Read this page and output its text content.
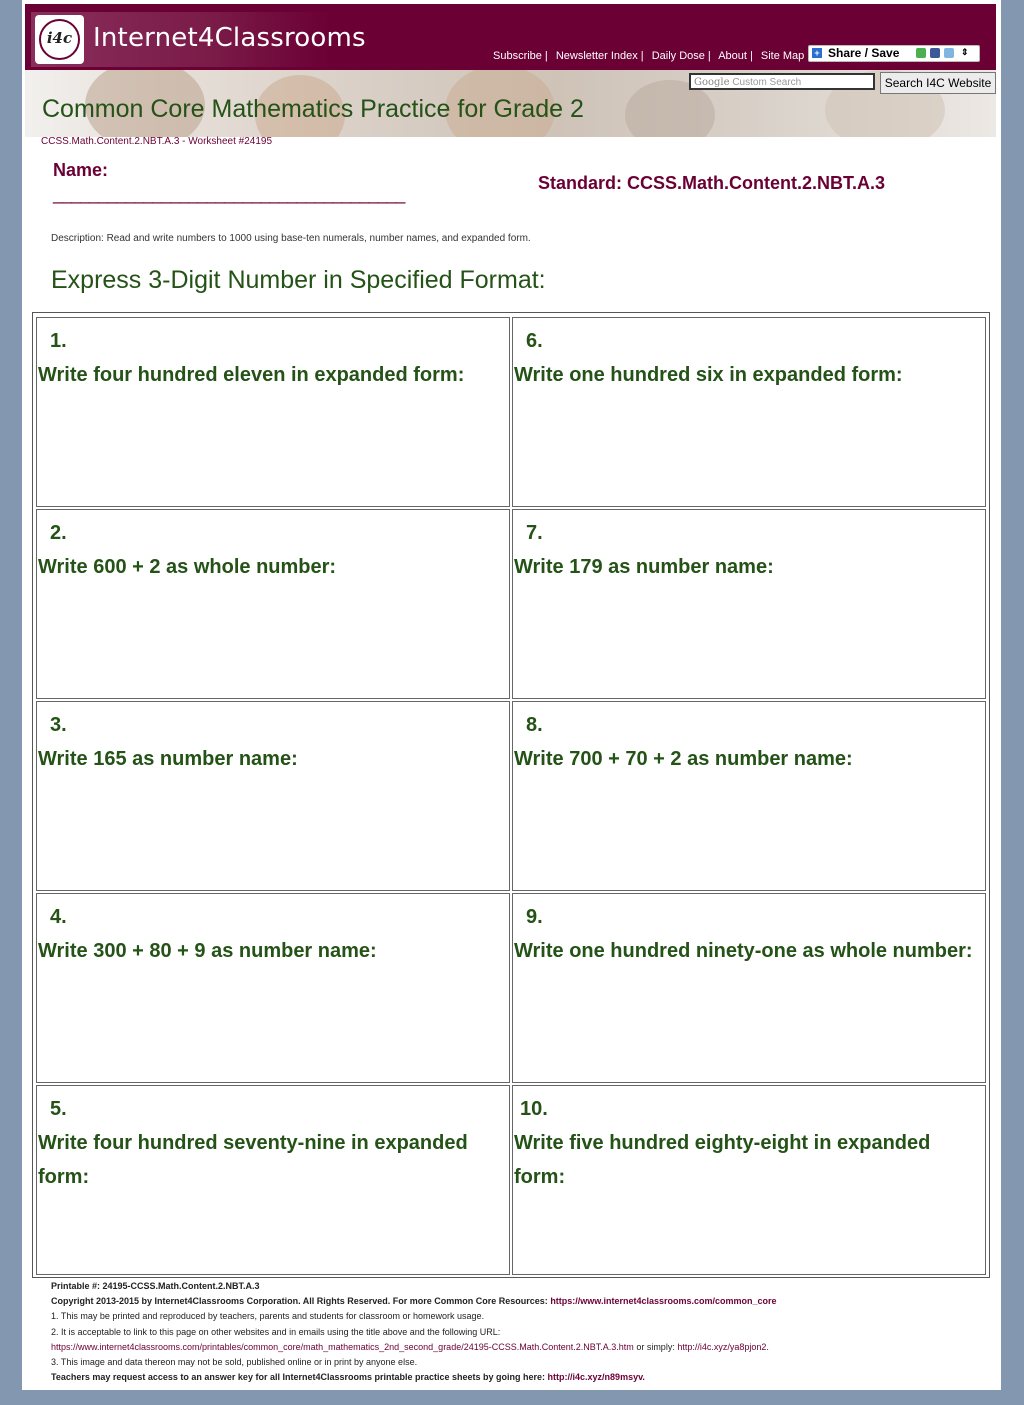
i4c Internet4Classrooms
Subscribe | Newsletter Index | Daily Dose | About | Site Map + Share / Save	⇕
Google Custom Search	Search I4C Website
Common Core Mathematics Practice for Grade 2
CCSS.Math.Content.2.NBT.A.3 - Worksheet #24195
Name:
_______________________________________
Standard: CCSS.Math.Content.2.NBT.A.3
Description: Read and write numbers to 1000 using base-ten numerals, number names, and expanded form.
Express 3-Digit Number in Specified Format:
1.
Write four hundred eleven in expanded form:
2.
Write 600 + 2 as whole number:
3.
Write 165 as number name:
4.
Write 300 + 80 + 9 as number name:
5.
Write four hundred seventy-nine in expanded form:
6.
Write one hundred six in expanded form:
7.
Write 179 as number name:
8.
Write 700 + 70 + 2 as number name:
9.
Write one hundred ninety-one as whole number:
10.
Write five hundred eighty-eight in expanded form:
Printable #: 24195-CCSS.Math.Content.2.NBT.A.3
Copyright 2013-2015 by Internet4Classrooms Corporation. All Rights Reserved. For more Common Core Resources: https://www.internet4classrooms.com/common_core
1. This may be printed and reproduced by teachers, parents and students for classroom or homework usage.
2. It is acceptable to link to this page on other websites and in emails using the title above and the following URL:
https://www.internet4classrooms.com/printables/common_core/math_mathematics_2nd_second_grade/24195-CCSS.Math.Content.2.NBT.A.3.htm or simply: http://i4c.xyz/ya8pjon2.
3. This image and data thereon may not be sold, published online or in print by anyone else.
Teachers may request access to an answer key for all Internet4Classrooms printable practice sheets by going here: http://i4c.xyz/n89msyv.
